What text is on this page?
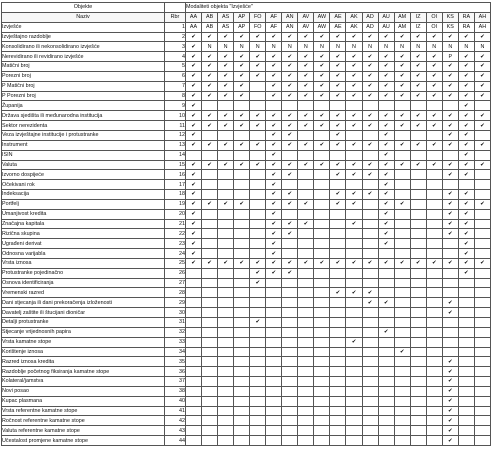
Objekte		Modaliteti objekta "Izvješće"																		
Naziv	Rbr	AA	AB	AS	AP	FO	AF	AN	AV	AW	AE	AK	AD	AU	AM	IZ	OI	KS	RA	AH
Izvješće	1	AA	AB	AS	AP	FO	AF	AN	AV	AW	AE	AK	AD	AU	AM	IZ	OI	KS	RA	AH
Izvještajno razdoblje	2	✔	✔	✔	✔	✔	✔	✔	✔	✔	✔	✔	✔	✔	✔	✔	✔	✔	✔	✔
Konsolidirano ili nekonsolidirano izvješće	3	✔	N	N	N	N	N	N	N	N	N	N	N	N	N	N	N	N	N	N
Nerevidirano ili revidirano izvješće	4	✔	✔	✔	✔	✔	✔	✔	✔	✔	✔	✔	✔	✔	✔	✔	✔	P	✔	✔
Matični broj	5	✔	✔	✔	✔	✔	✔	✔	✔	✔	✔	✔	✔	✔	✔	✔	✔	✔	✔	✔
Porezni broj	6	✔	✔	✔	✔	✔	✔	✔	✔	✔	✔	✔	✔	✔	✔	✔	✔	✔	✔	✔
P Matični broj	7	✔	✔	✔	✔		✔	✔	✔	✔	✔	✔	✔	✔	✔	✔	✔	✔	✔	✔
P Porezni broj	8	✔	✔	✔	✔		✔	✔	✔	✔	✔	✔	✔	✔	✔	✔	✔	✔	✔	✔
Županija	9	✔																	✔	
Država sjedišta ili međunarodna institucija	10	✔	✔	✔	✔	✔	✔	✔	✔	✔	✔	✔	✔	✔	✔	✔	✔	✔	✔	✔
Sektor nerezidenta	11	✔	✔	✔	✔	✔	✔	✔	✔	✔	✔	✔	✔	✔	✔	✔	✔	✔	✔	✔
Vezа izvještajne institucije i protustranke	12	✔					✔	✔			✔			✔				✔	✔	
Instrument	13	✔	✔	✔	✔	✔	✔	✔	✔	✔	✔	✔	✔	✔	✔	✔	✔	✔	✔	✔
ISIN	14						✔							✔					✔	
Valuta	15	✔	✔	✔	✔	✔	✔	✔	✔	✔	✔	✔	✔	✔	✔	✔	✔	✔	✔	✔
Izvorno dospijeće	16	✔					✔	✔			✔	✔	✔	✔				✔	✔	
Očekivani rok	17	✔					✔							✔						
Indeksacija	18	✔					✔	✔			✔	✔	✔	✔				✔	✔	
Portfelj	19	✔	✔	✔	✔		✔	✔	✔		✔	✔		✔	✔			✔	✔	✔
Umanjivost kredita	20	✔					✔							✔				✔	✔	
Značajna kapitala	21	✔					✔	✔	✔			✔		✔				✔	✔	
Rizična skupina	22	✔					✔	✔						✔				✔	✔	
Ugrađeni derivat	23	✔					✔							✔					✔	
Odnosna varijabla	24	✔					✔												✔	
Vrsta iznosa	25	✔	✔	✔	✔	✔	✔	✔	✔	✔	✔	✔	✔	✔	✔	✔	✔	✔	✔	✔
Protustranke pojedinačno	26					✔	✔	✔											✔	
Osnova identificiranja	27					✔														
Vremenski razred	28										✔	✔	✔							
Dani stjecanja ili dani prekoračenja izloženosti	29												✔	✔				✔		
Davatelj zaštite ili štucijani dioničar	30																	✔		
Detalji protustranke	31					✔														
Stjecanje vrijednosnih papira	32													✔						
Vrsta kamatne stope	33											✔								
Korištenje iznosa	34														✔					
Razred iznosa kredita	35																	✔		
Razdoblje početnog fiksiranja kamatne stope	36																	✔		
Kolateral/jamstva	37																	✔		
Novi posao	38																	✔		
Kupac plasmana	40																	✔		
Vrsta referentne kamatne stope	41																	✔		
Ročnost referentne kamatne stope	42																	✔		
Valuta referentne kamatne stope	43																	✔		
Učestalost promjene kamatne stope	44																	✔		
